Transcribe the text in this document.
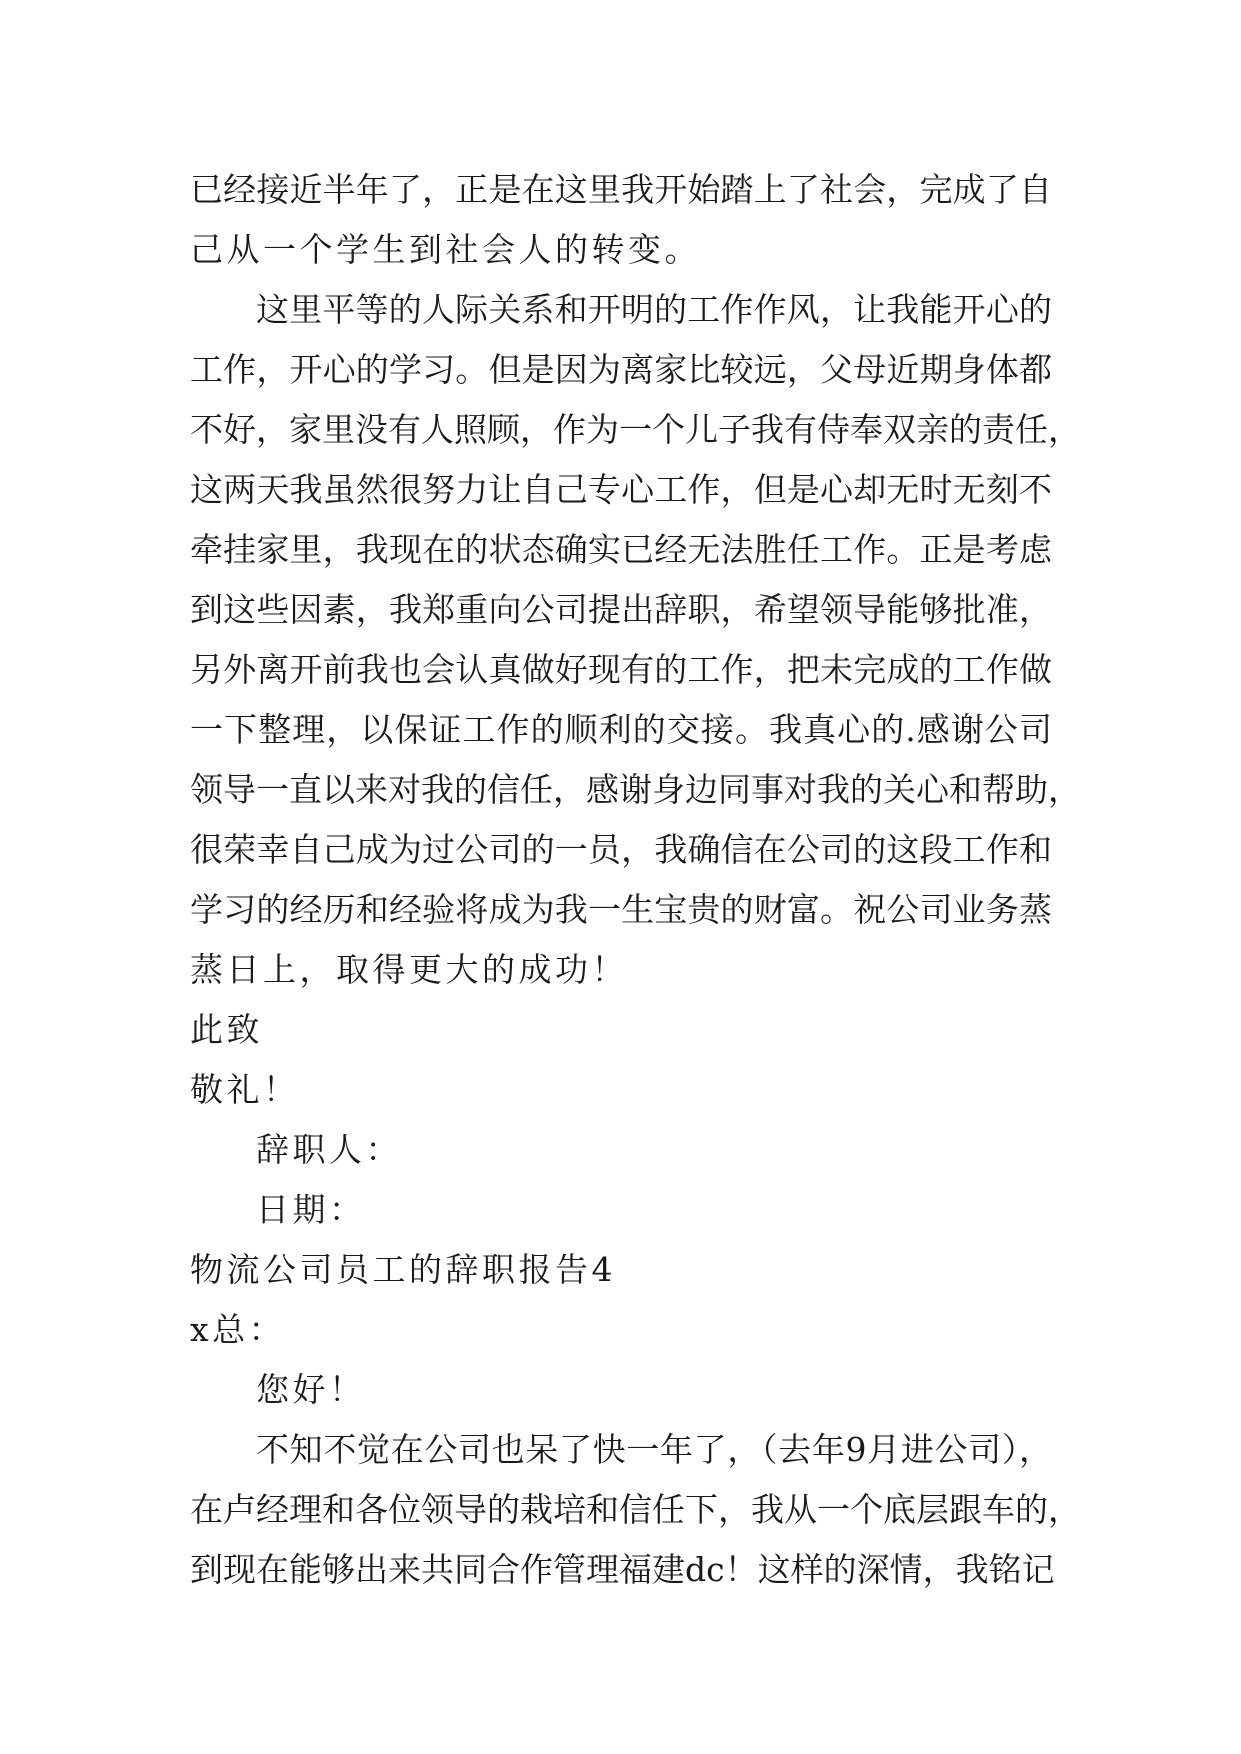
已经接近半年了，正是在这里我开始踏上了社会，完成了自
己从一个学生到社会人的转变。
这里平等的人际关系和开明的工作作风，让我能开心的
工作，开心的学习。但是因为离家比较远，父母近期身体都
不好，家里没有人照顾，作为一个儿子我有侍奉双亲的责任，
这两天我虽然很努力让自己专心工作，但是心却无时无刻不
牵挂家里，我现在的状态确实已经无法胜任工作。正是考虑
到这些因素，我郑重向公司提出辞职，希望领导能够批准，
另外离开前我也会认真做好现有的工作，把未完成的工作做
一下整理，以保证工作的顺利的交接。我真心的.感谢公司
领导一直以来对我的信任，感谢身边同事对我的关心和帮助，
很荣幸自己成为过公司的一员，我确信在公司的这段工作和
学习的经历和经验将成为我一生宝贵的财富。祝公司业务蒸
蒸日上，取得更大的成功！
此致
敬礼！
辞职人：
日期：
物流公司员工的辞职报告4
x总：
您好！
不知不觉在公司也呆了快一年了，（去年9月进公司），
在卢经理和各位领导的栽培和信任下，我从一个底层跟车的，
到现在能够出来共同合作管理福建dc！这样的深情，我铭记
